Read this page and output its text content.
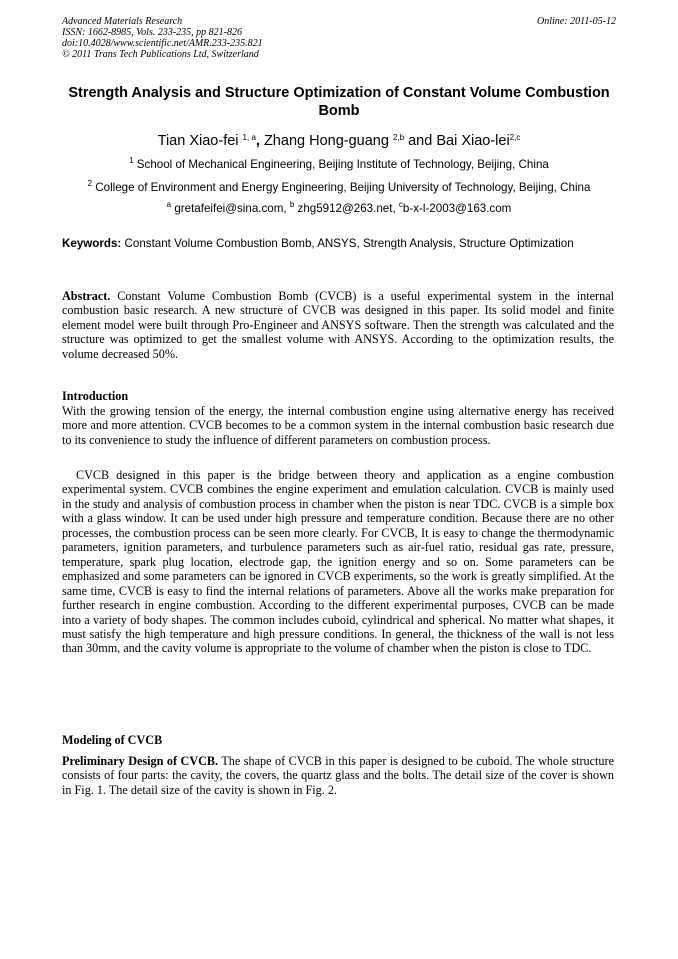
Advanced Materials Research
ISSN: 1662-8985, Vols. 233-235, pp 821-826
doi:10.4028/www.scientific.net/AMR.233-235.821
© 2011 Trans Tech Publications Ltd, Switzerland
Online: 2011-05-12
Strength Analysis and Structure Optimization of Constant Volume Combustion Bomb
Tian Xiao-fei $^{1, a}$, Zhang Hong-guang $^{2,b}$ and Bai Xiao-lei$^{2,c}$
$^1$ School of Mechanical Engineering, Beijing Institute of Technology, Beijing, China
$^2$ College of Environment and Energy Engineering, Beijing University of Technology, Beijing, China
$^a$ gretafeifei@sina.com, $^b$ zhg5912@263.net, $^c$b-x-l-2003@163.com
Keywords: Constant Volume Combustion Bomb, ANSYS, Strength Analysis, Structure Optimization
Abstract. Constant Volume Combustion Bomb (CVCB) is a useful experimental system in the internal combustion basic research. A new structure of CVCB was designed in this paper. Its solid model and finite element model were built through Pro-Engineer and ANSYS software. Then the strength was calculated and the structure was optimized to get the smallest volume with ANSYS. According to the optimization results, the volume decreased 50%.
Introduction
With the growing tension of the energy, the internal combustion engine using alternative energy has received more and more attention. CVCB becomes to be a common system in the internal combustion basic research due to its convenience to study the influence of different parameters on combustion process.
CVCB designed in this paper is the bridge between theory and application as a engine combustion experimental system. CVCB combines the engine experiment and emulation calculation. CVCB is mainly used in the study and analysis of combustion process in chamber when the piston is near TDC. CVCB is a simple box with a glass window. It can be used under high pressure and temperature condition. Because there are no other processes, the combustion process can be seen more clearly. For CVCB, It is easy to change the thermodynamic parameters, ignition parameters, and turbulence parameters such as air-fuel ratio, residual gas rate, pressure, temperature, spark plug location, electrode gap, the ignition energy and so on. Some parameters can be emphasized and some parameters can be ignored in CVCB experiments, so the work is greatly simplified. At the same time, CVCB is easy to find the internal relations of parameters. Above all the works make preparation for further research in engine combustion. According to the different experimental purposes, CVCB can be made into a variety of body shapes. The common includes cuboid, cylindrical and spherical. No matter what shapes, it must satisfy the high temperature and high pressure conditions. In general, the thickness of the wall is not less than 30mm, and the cavity volume is appropriate to the volume of chamber when the piston is close to TDC.
Modeling of CVCB
Preliminary Design of CVCB. The shape of CVCB in this paper is designed to be cuboid. The whole structure consists of four parts: the cavity, the covers, the quartz glass and the bolts. The detail size of the cover is shown in Fig. 1. The detail size of the cavity is shown in Fig. 2.
